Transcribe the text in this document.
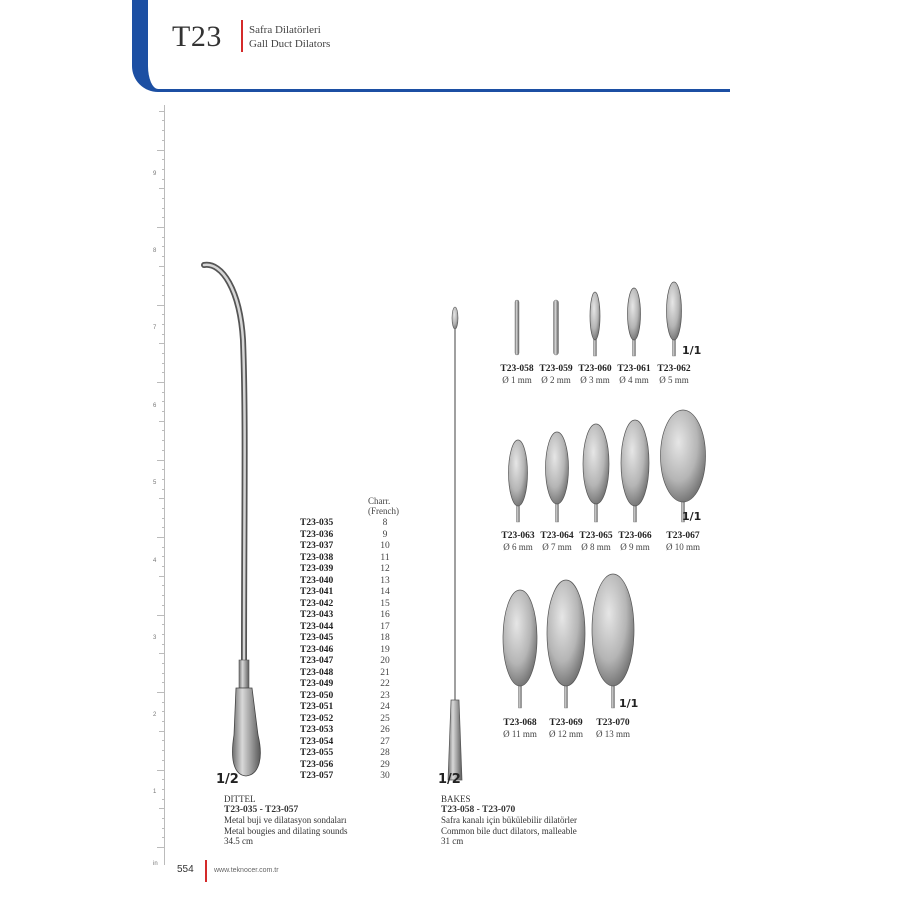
T23 Safra Dilatörleri
Gall Duct Dilators
9
8
7
6
5
4
3
2
1
in
1/2
Charr.
(French)
T23-035	8
T23-036	9
T23-037	10
T23-038	11
T23-039	12
T23-040	13
T23-041	14
T23-042	15
T23-043	16
T23-044	17
T23-045	18
T23-046	19
T23-047	20
T23-048	21
T23-049	22
T23-050	23
T23-051	24
T23-052	25
T23-053	26
T23-054	27
T23-055	28
T23-056	29
T23-057	30
DITTEL
T23-035 - T23-057
Metal buji ve dilatasyon sondaları
Metal bougies and dilating sounds
34.5 cm
1/2
BAKES
T23-058 - T23-070
Safra kanalı için bükülebilir dilatörler
Common bile duct dilators, malleable
31 cm
T23-058
Ø 1 mm
T23-059
Ø 2 mm
T23-060
Ø 3 mm
T23-061
Ø 4 mm
T23-062
Ø 5 mm
T23-063
Ø 6 mm
T23-064
Ø 7 mm
T23-065
Ø 8 mm
T23-066
Ø 9 mm
T23-067
Ø 10 mm
T23-068
Ø 11 mm
T23-069
Ø 12 mm
T23-070
Ø 13 mm
1/1
1/1
1/1
554	www.teknocer.com.tr
